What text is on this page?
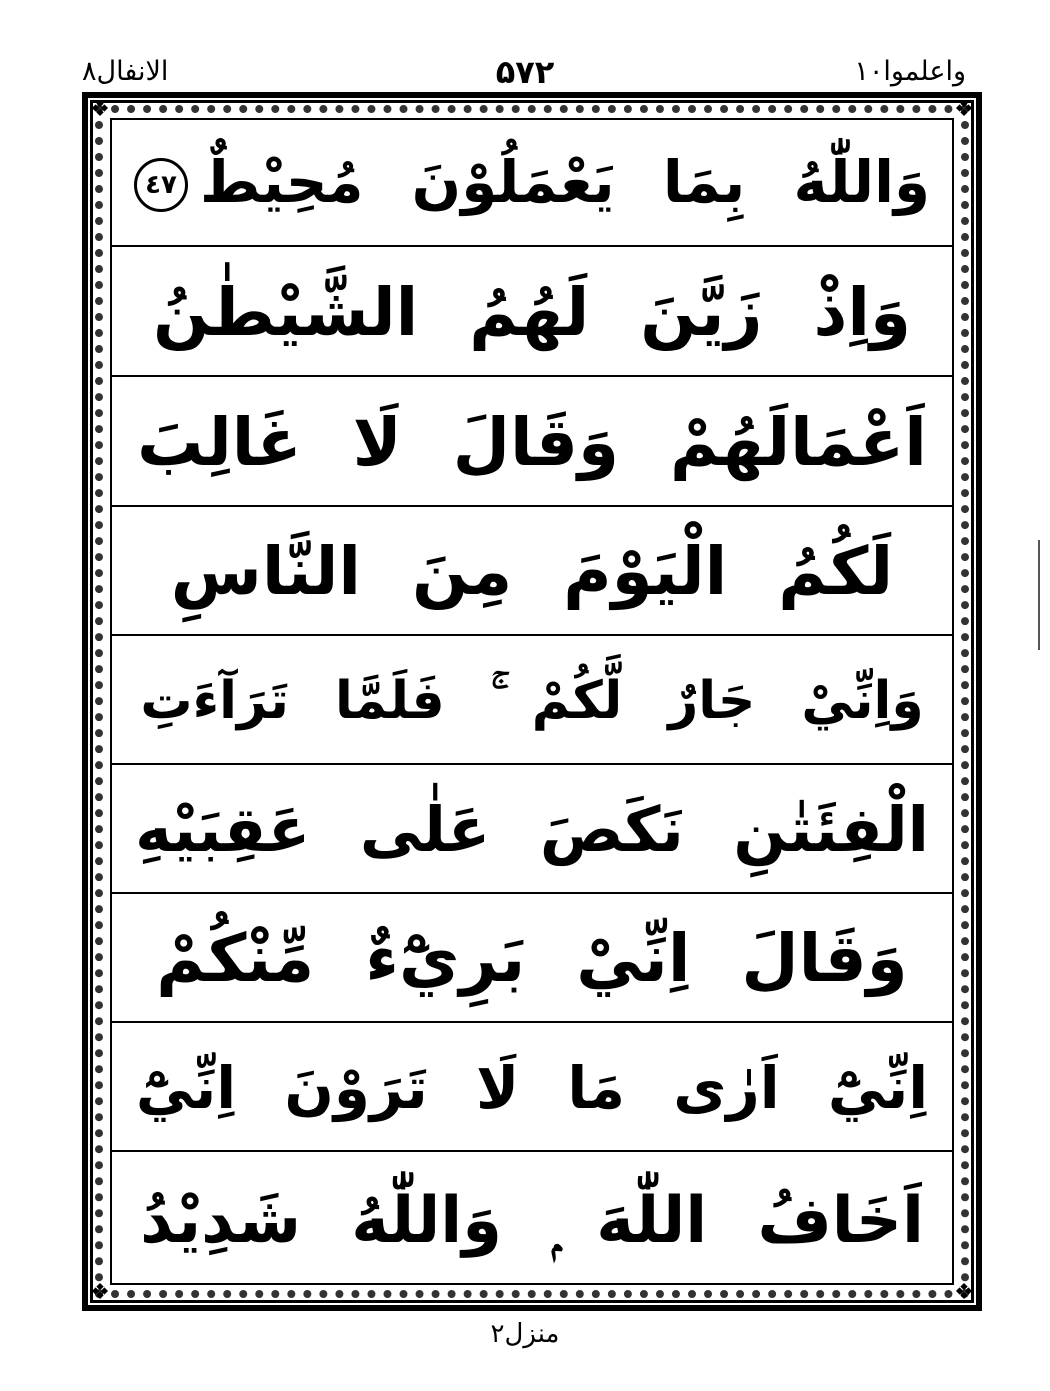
واعلموا١٠
۵۷۲
الانفال٨
❖	❖
❖	❖
وَاللّٰهُ بِمَا يَعْمَلُوْنَ مُحِيْطٌ٤٧
وَاِذْ زَيَّنَ لَهُمُ الشَّيْطٰنُ
اَعْمَالَهُمْ وَقَالَ لَا غَالِبَ
لَكُمُ الْيَوْمَ مِنَ النَّاسِ
وَاِنِّيْ جَارٌ لَّكُمْ ۚ فَلَمَّا تَرَآءَتِ
الْفِئَتٰنِ نَكَصَ عَلٰى عَقِبَيْهِ
وَقَالَ اِنِّيْ بَرِيْٓءٌ مِّنْكُمْ
اِنِّيْٓ اَرٰى مَا لَا تَرَوْنَ اِنِّيْٓ
اَخَافُ اللّٰهَ ۭ وَاللّٰهُ شَدِيْدُ
منزل٢
